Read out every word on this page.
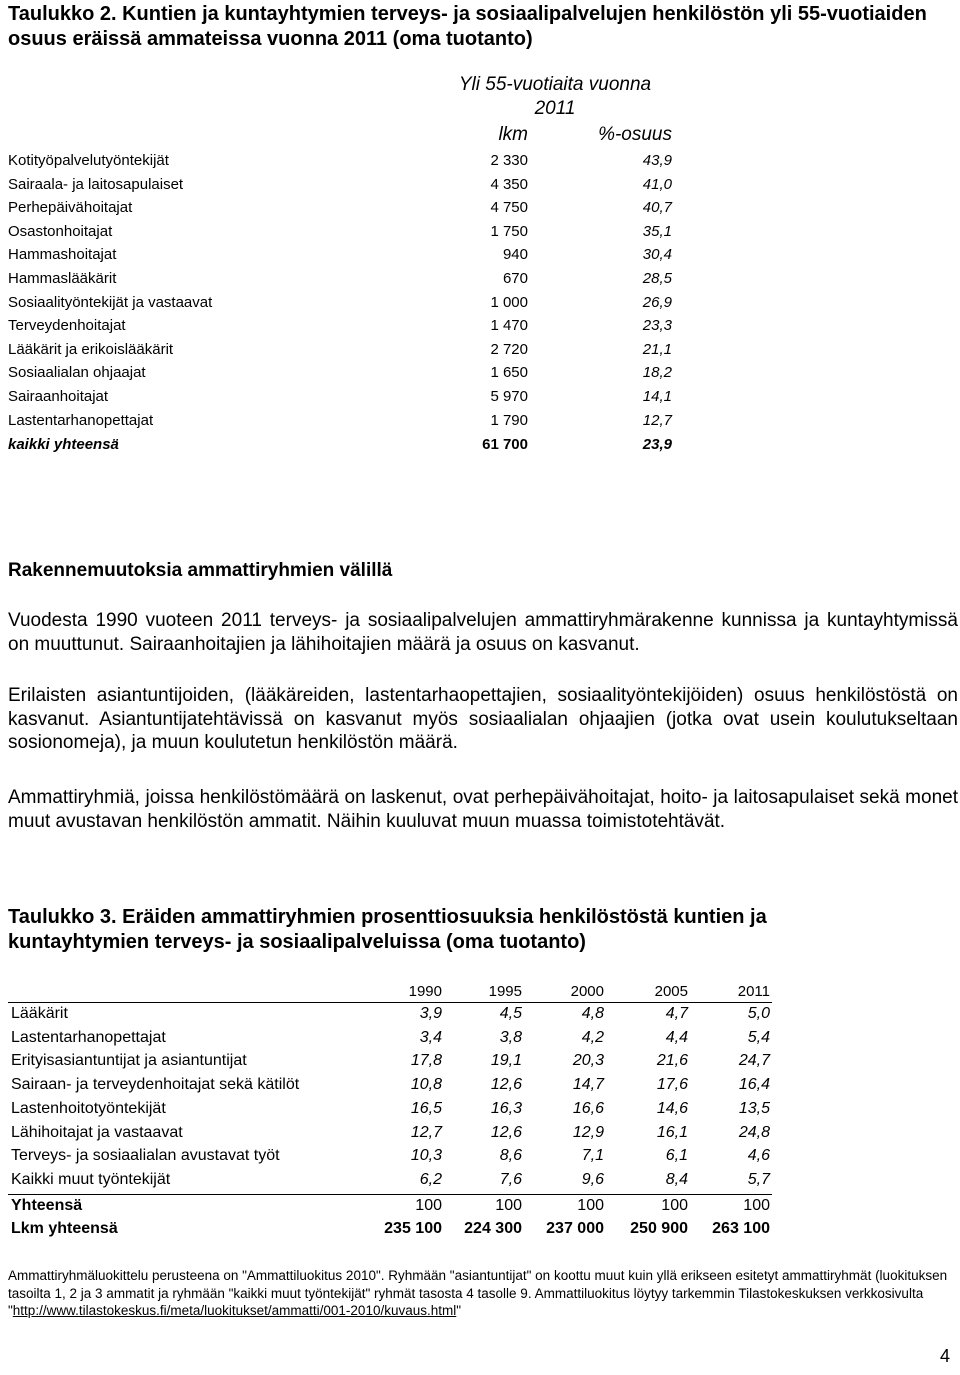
Taulukko 2. Kuntien ja kuntayhtymien terveys- ja sosiaalipalvelujen henkilöstön yli 55-vuotiaiden osuus eräissä ammateissa vuonna 2011 (oma tuotanto)
Yli 55-vuotiaita vuonna
2011
lkm	%-osuus
Kotityöpalvelutyöntekijät	2 330	43,9
Sairaala- ja laitosapulaiset	4 350	41,0
Perhepäivähoitajat	4 750	40,7
Osastonhoitajat	1 750	35,1
Hammashoitajat	940	30,4
Hammaslääkärit	670	28,5
Sosiaalityöntekijät ja vastaavat	1 000	26,9
Terveydenhoitajat	1 470	23,3
Lääkärit ja erikoislääkärit	2 720	21,1
Sosiaalialan ohjaajat	1 650	18,2
Sairaanhoitajat	5 970	14,1
Lastentarhanopettajat	1 790	12,7
kaikki yhteensä	61 700	23,9
Rakennemuutoksia ammattiryhmien välillä
Vuodesta 1990 vuoteen 2011 terveys- ja sosiaalipalvelujen ammattiryhmärakenne kunnissa ja kuntayhtymissä on muuttunut. Sairaanhoitajien ja lähihoitajien määrä ja osuus on kasvanut.
Erilaisten asiantuntijoiden, (lääkäreiden, lastentarhaopettajien, sosiaalityöntekijöiden) osuus henkilöstöstä on kasvanut. Asiantuntijatehtävissä on kasvanut myös sosiaalialan ohjaajien (jotka ovat usein koulutukseltaan sosionomeja), ja muun koulutetun henkilöstön määrä.
Ammattiryhmiä, joissa henkilöstömäärä on laskenut, ovat perhepäivähoitajat, hoito- ja laitosapulaiset sekä monet muut avustavan henkilöstön ammatit. Näihin kuuluvat muun muassa toimistotehtävät.
Taulukko 3. Eräiden ammattiryhmien prosenttiosuuksia henkilöstöstä kuntien ja kuntayhtymien terveys- ja sosiaalipalveluissa (oma tuotanto)
1990	1995	2000	2005	2011
Lääkärit	3,9	4,5	4,8	4,7	5,0
Lastentarhanopettajat	3,4	3,8	4,2	4,4	5,4
Erityisasiantuntijat ja asiantuntijat	17,8	19,1	20,3	21,6	24,7
Sairaan- ja terveydenhoitajat sekä kätilöt	10,8	12,6	14,7	17,6	16,4
Lastenhoitotyöntekijät	16,5	16,3	16,6	14,6	13,5
Lähihoitajat ja vastaavat	12,7	12,6	12,9	16,1	24,8
Terveys- ja sosiaalialan avustavat työt	10,3	8,6	7,1	6,1	4,6
Kaikki muut työntekijät	6,2	7,6	9,6	8,4	5,7
Yhteensä	100	100	100	100	100
Lkm yhteensä	235 100	224 300	237 000	250 900	263 100
Ammattiryhmäluokittelu perusteena on "Ammattiluokitus 2010". Ryhmään "asiantuntijat" on koottu muut kuin yllä erikseen esitetyt ammattiryhmät (luokituksen tasoilta 1, 2 ja 3 ammatit ja ryhmään "kaikki muut työntekijät" ryhmät tasosta 4 tasolle 9. Ammattiluokitus löytyy tarkemmin Tilastokeskuksen verkkosivulta "http://www.tilastokeskus.fi/meta/luokitukset/ammatti/001-2010/kuvaus.html"
4
